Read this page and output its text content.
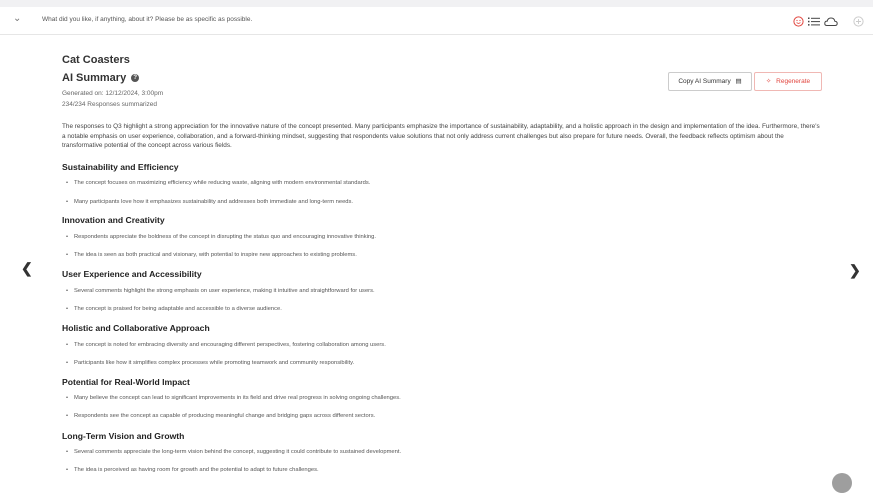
⌄	What did you like, if anything, about it? Please be as specific as possible.
Cat Coasters
AI Summary ?
Generated on: 12/12/2024, 3:00pm
234/234 Responses summarized
Copy AI Summary ▤	✧ Regenerate
The responses to Q3 highlight a strong appreciation for the innovative nature of the concept presented. Many participants emphasize the importance of sustainability, adaptability, and a holistic approach in the design and implementation of the idea. Furthermore, there's a notable emphasis on user experience, collaboration, and a forward-thinking mindset, suggesting that respondents value solutions that not only address current challenges but also prepare for future needs. Overall, the feedback reflects optimism about the transformative potential of the concept across various fields.
Sustainability and Efficiency
• The concept focuses on maximizing efficiency while reducing waste, aligning with modern environmental standards.
• Many participants love how it emphasizes sustainability and addresses both immediate and long-term needs.
Innovation and Creativity
• Respondents appreciate the boldness of the concept in disrupting the status quo and encouraging innovative thinking.
• The idea is seen as both practical and visionary, with potential to inspire new approaches to existing problems.
User Experience and Accessibility
• Several comments highlight the strong emphasis on user experience, making it intuitive and straightforward for users.
• The concept is praised for being adaptable and accessible to a diverse audience.
Holistic and Collaborative Approach
• The concept is noted for embracing diversity and encouraging different perspectives, fostering collaboration among users.
• Participants like how it simplifies complex processes while promoting teamwork and community responsibility.
Potential for Real-World Impact
• Many believe the concept can lead to significant improvements in its field and drive real progress in solving ongoing challenges.
• Respondents see the concept as capable of producing meaningful change and bridging gaps across different sectors.
Long-Term Vision and Growth
• Several comments appreciate the long-term vision behind the concept, suggesting it could contribute to sustained development.
• The idea is perceived as having room for growth and the potential to adapt to future challenges.
❮	❯
